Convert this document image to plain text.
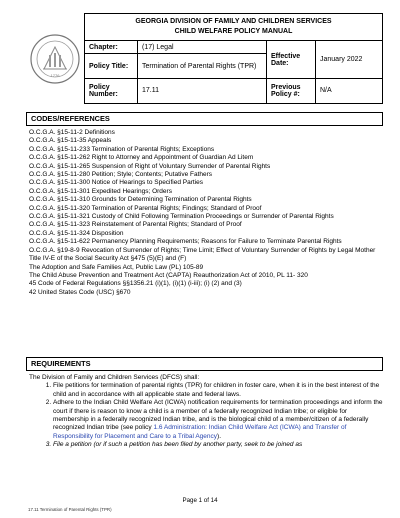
1776
GEORGIA DIVISION OF FAMILY AND CHILDREN SERVICES
CHILD WELFARE POLICY MANUAL			

Chapter:	(17) Legal	Effective Date:	January 2022
Policy Title:	Termination of Parental Rights (TPR)		
Policy Number:	17.11	Previous Policy #:	N/A
CODES/REFERENCES
O.C.G.A. §15-11-2 Definitions
O.C.G.A. §15-11-35 Appeals
O.C.G.A. §15-11-233 Termination of Parental Rights; Exceptions
O.C.G.A. §15-11-262 Right to Attorney and Appointment of Guardian Ad Litem
O.C.G.A. §15-11-265 Suspension of Right of Voluntary Surrender of Parental Rights
O.C.G.A. §15-11-280 Petition; Style; Contents; Putative Fathers
O.C.G.A. §15-11-300 Notice of Hearings to Specified Parties
O.C.G.A. §15-11-301 Expedited Hearings; Orders
O.C.G.A. §15-11-310 Grounds for Determining Termination of Parental Rights
O.C.G.A. §15-11-320 Termination of Parental Rights; Findings; Standard of Proof
O.C.G.A. §15-11-321 Custody of Child Following Termination Proceedings or Surrender of Parental Rights
O.C.G.A. §15-11-323 Reinstatement of Parental Rights; Standard of Proof
O.C.G.A. §15-11-324 Disposition
O.C.G.A. §15-11-622 Permanency Planning Requirements; Reasons for Failure to Terminate Parental Rights
O.C.G.A. §19-8-9 Revocation of Surrender of Rights; Time Limit; Effect of Voluntary Surrender of Rights by Legal Mother
Title IV-E of the Social Security Act §475 (5)(E) and (F)
The Adoption and Safe Families Act, Public Law (PL) 105-89
The Child Abuse Prevention and Treatment Act (CAPTA) Reauthorization Act of 2010, PL 11- 320
45 Code of Federal Regulations §§1356.21 (i)(1), (i)(1) (i-iii); (i) (2) and (3)
42 United States Code (USC) §670
REQUIREMENTS
The Division of Family and Children Services (DFCS) shall:
1. File petitions for termination of parental rights (TPR) for children in foster care, when it is in the best interest of the child and in accordance with all applicable state and federal laws.
2. Adhere to the Indian Child Welfare Act (ICWA) notification requirements for termination proceedings and inform the court if there is reason to know a child is a member of a federally recognized Indian tribe; or eligible for membership in a federally recognized Indian tribe, and is the biological child of a member/citizen of a federally recognized Indian tribe (see policy 1.6 Administration: Indian Child Welfare Act (ICWA) and Transfer of Responsibility for Placement and Care to a Tribal Agency).
3. File a petition (or if such a petition has been filed by another party, seek to be joined as
Page 1 of 14
17.11 Termination of Parental Rights (TPR)
